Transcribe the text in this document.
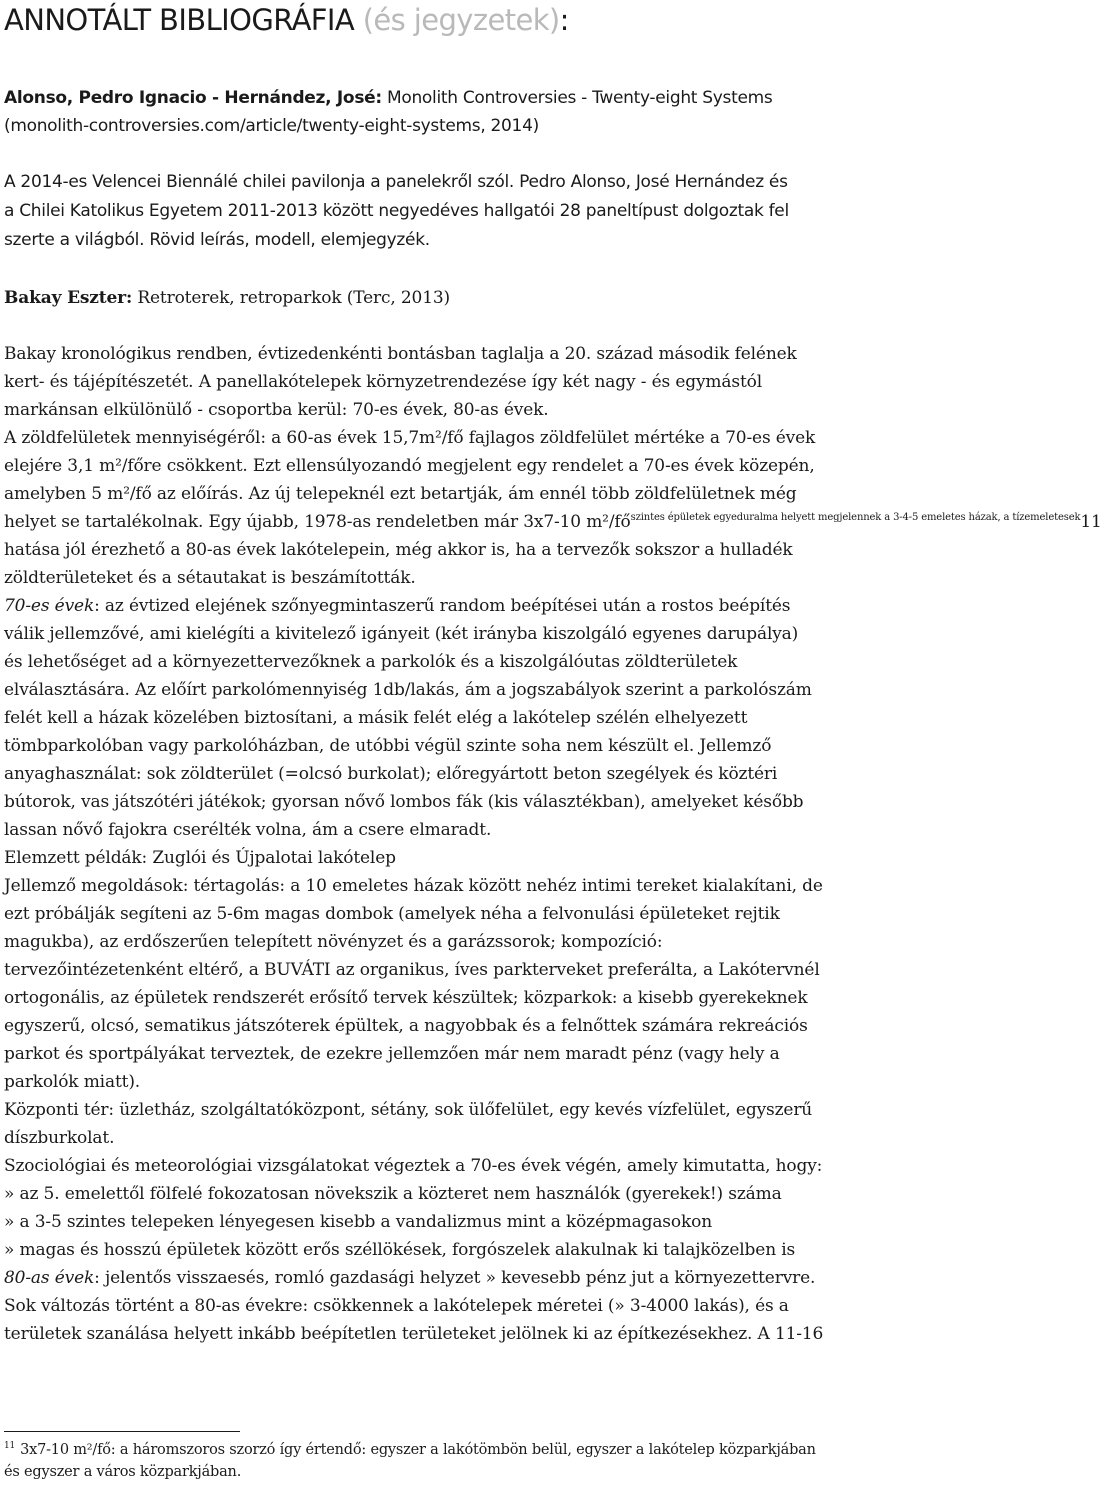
ANNOTÁLT BIBLIOGRÁFIA (és jegyzetek):

Alonso, Pedro Ignacio - Hernández, José: Monolith Controversies - Twenty-eight Systems

(monolith-controversies.com/article/twenty-eight-systems, 2014)

A 2014-es Velencei Biennálé chilei pavilonja a panelekről szól. Pedro Alonso, José Hernández és

a Chilei Katolikus Egyetem 2011-2013 között negyedéves hallgatói 28 paneltípust dolgoztak fel

szerte a világból. Rövid leírás, modell, elemjegyzék.

Bakay Eszter: Retroterek, retroparkok (Terc, 2013)

Bakay kronológikus rendben, évtizedenkénti bontásban taglalja a 20. század második felének

kert- és tájépítészetét. A panellakótelepek környzetrendezése így két nagy - és egymástól

markánsan elkülönülő - csoportba kerül: 70-es évek, 80-as évek.

A zöldfelületek mennyiségéről: a 60-as évek 15,7m²/fő fajlagos zöldfelület mértéke a 70-es évek

elejére 3,1 m²/főre csökkent. Ezt ellensúlyozandó megjelent egy rendelet a 70-es évek közepén,

amelyben 5 m²/fő az előírás. Az új telepeknél ezt betartják, ám ennél több zöldfelületnek még

helyet se tartalékolnak. Egy újabb, 1978-as rendeletben már 3x7-10 $m^2/fő^{szintes épületek egyeduralma helyett megjelennek a 3-4-5 emeletes házak, a tízemeletesek}11$

hatása jól érezhető a 80-as évek lakótelepein, még akkor is, ha a tervezők sokszor a hulladék

zöldterületeket és a sétautakat is beszámították.

70-es évek: az évtized elejének szőnyegmintaszerű random beépítései után a rostos beépítés

válik jellemzővé, ami kielégíti a kivitelező igányeit (két irányba kiszolgáló egyenes darupálya)

és lehetőséget ad a környezettervezőknek a parkolók és a kiszolgálóutas zöldterületek

elválasztására. Az előírt parkolómennyiség 1db/lakás, ám a jogszabályok szerint a parkolószám

felét kell a házak közelében biztosítani, a másik felét elég a lakótelep szélén elhelyezett

tömbparkolóban vagy parkolóházban, de utóbbi végül szinte soha nem készült el. Jellemző

anyaghasználat: sok zöldterület (=olcsó burkolat); előregyártott beton szegélyek és köztéri

bútorok, vas játszótéri játékok; gyorsan nővő lombos fák (kis választékban), amelyeket később

lassan nővő fajokra cserélték volna, ám a csere elmaradt.

Elemzett példák: Zuglói és Újpalotai lakótelep

Jellemző megoldások: tértagolás: a 10 emeletes házak között nehéz intimi tereket kialakítani, de

ezt próbálják segíteni az 5-6m magas dombok (amelyek néha a felvonulási épületeket rejtik

magukba), az erdőszerűen telepített növényzet és a garázssorok; kompozíció:

tervezőintézetenként eltérő, a BUVÁTI az organikus, íves parkterveket preferálta, a Lakótervnél

ortogonális, az épületek rendszerét erősítő tervek készültek; közparkok: a kisebb gyerekeknek

egyszerű, olcsó, sematikus játszóterek épültek, a nagyobbak és a felnőttek számára rekreációs

parkot és sportpályákat terveztek, de ezekre jellemzően már nem maradt pénz (vagy hely a

parkolók miatt).

Központi tér: üzletház, szolgáltatóközpont, sétány, sok ülőfelület, egy kevés vízfelület, egyszerű

díszburkolat.

Szociológiai és meteorológiai vizsgálatokat végeztek a 70-es évek végén, amely kimutatta, hogy:

» az 5. emelettől fölfelé fokozatosan növekszik a közteret nem használók (gyerekek!) száma

» a 3-5 szintes telepeken lényegesen kisebb a vandalizmus mint a középmagasokon

» magas és hosszú épületek között erős széllökések, forgószelek alakulnak ki talajközelben is

80-as évek: jelentős visszaesés, romló gazdasági helyzet » kevesebb pénz jut a környezettervre.

Sok változás történt a 80-as évekre: csökkennek a lakótelepek méretei (» 3-4000 lakás), és a

területek szanálása helyett inkább beépítetlen területeket jelölnek ki az építkezésekhez. A 11-16

$^{11}$ 3x7-10 m²/fő: a háromszoros szorzó így értendő: egyszer a lakótömbön belül, egyszer a lakótelep közparkjában

és egyszer a város közparkjában.
